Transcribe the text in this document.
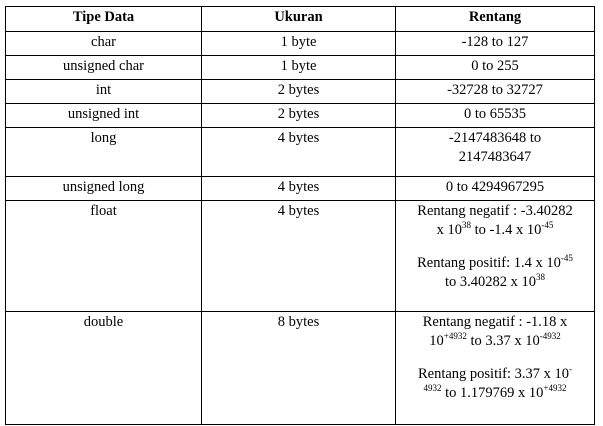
Tipe Data	Ukuran	Rentang
char	1 byte	-128 to 127
unsigned char	1 byte	0 to 255
int	2 bytes	-32728 to 32727
unsigned int	2 bytes	0 to 65535
long	4 bytes	-2147483648 to
2147483647

unsigned long	4 bytes	0 to 4294967295
float	4 bytes	Rentang negatif : -3.40282
x $10^{38}$ to -1.4 x $10^{-45}$
Rentang positif: 1.4 x $10^{-45}$
to 3.40282 x $10^{38}$

double	8 bytes	Rentang negatif : -1.18 x
$10^{+4932}$ to 3.37 x $10^{-4932}$
Rentang positif: 3.37 x 10-
$^{4932}$ to 1.179769 x $10^{+4932}$
